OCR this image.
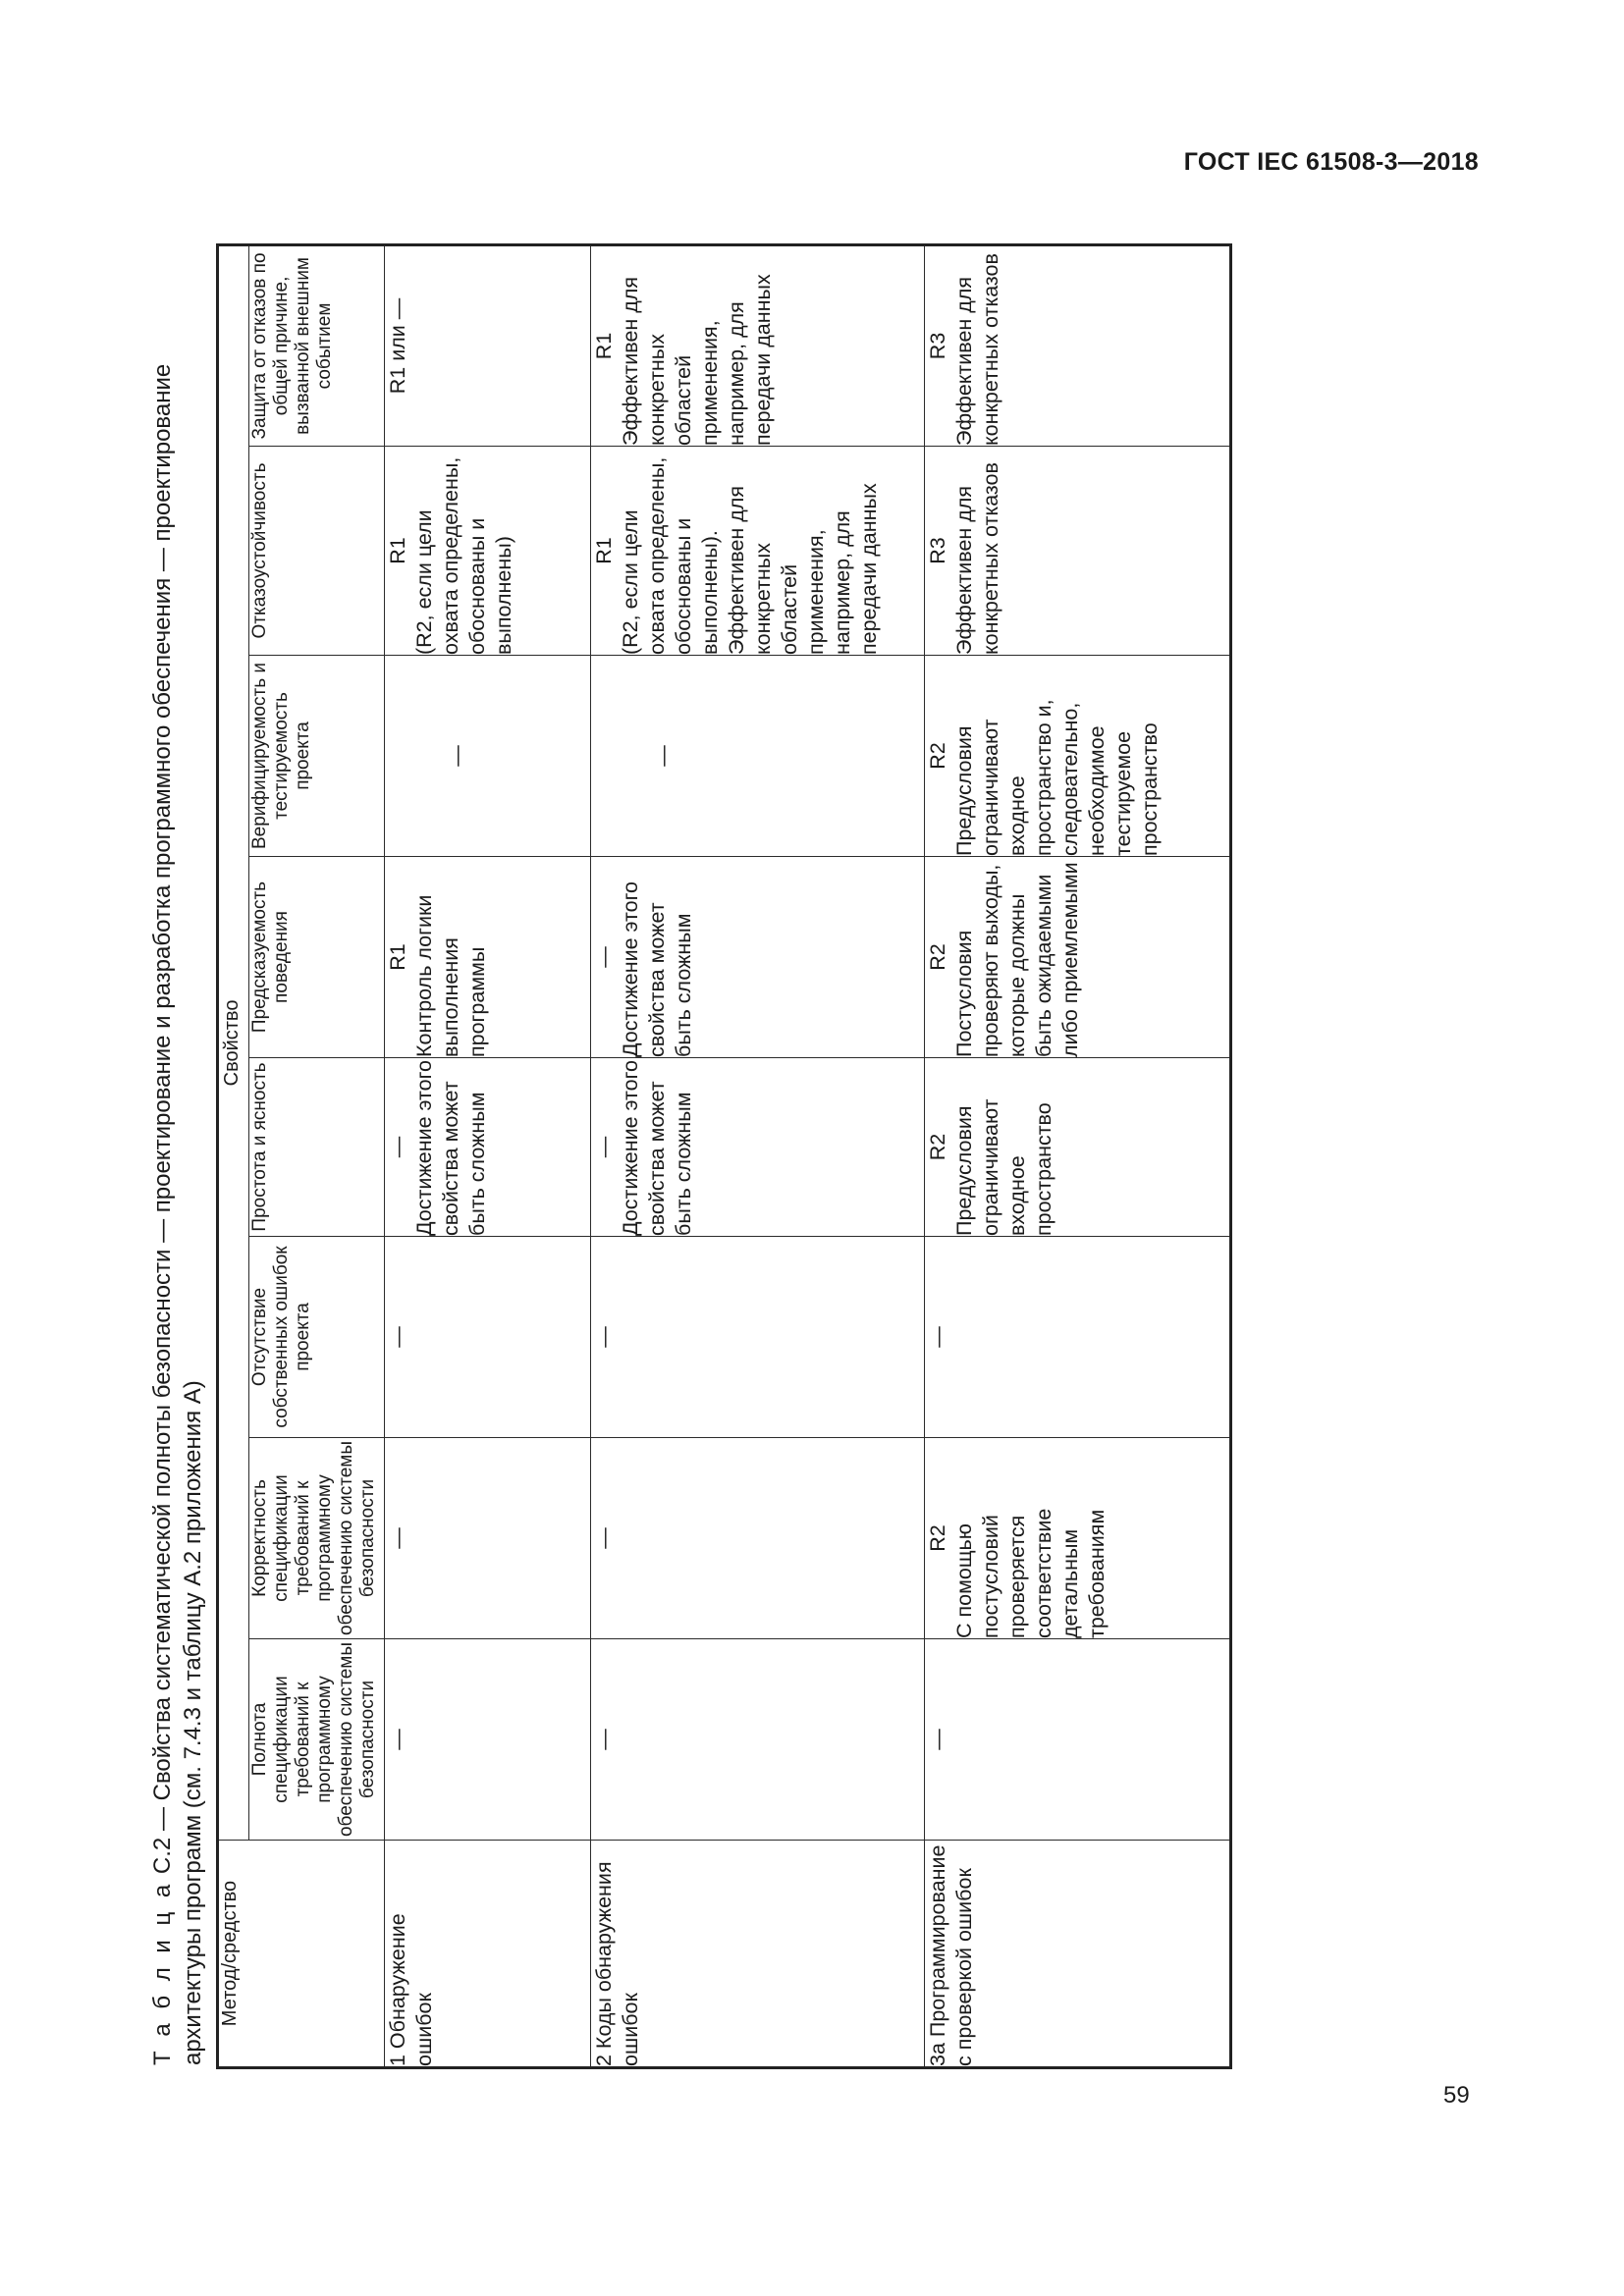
ГОСТ IEC 61508-3—2018
Т а б л и ц а С.2 — Свойства систематической полноты безопасности — проектирование и разработка программного обеспечения — проектирование архитектуры программ (см. 7.4.3 и таблицу А.2 приложения А) Метод/средство	Свойство							
	Полнота спецификации требований к программному обеспечению системы безопасности	Корректность спецификации требований к программному обеспечению системы безопасности	Отсутствие собственных ошибок проекта	Простота и ясность	Предсказуемость поведения	Верифицируемость и тестируемость проекта	Отказоустойчивость	Защита от отказов по общей причине, вызванной внешним событием
1 Обнаружение ошибок	—	—	—	— Достижение этого свойства может быть сложным	R1 Контроль логики выполнения программы	—	R1 (R2, если цели охвата определены, обоснованы и выполнены)	R1 или —

2 Коды обнаружения ошибок	—	—	—	— Достижение этого свойства может быть сложным	— Достижение этого свойства может быть сложным	—	R1 (R2, если цели охвата определены, обоснованы и выполнены). Эффективен для конкретных областей применения, например, для передачи данных	R1 Эффективен для конкретных областей применения, например, для передачи данных
3a Программирование с проверкой ошибок	—	R2 С помощью постусловий проверяется соответствие детальным требованиям	—	R2 Предусловия ограничивают входное пространство	R2 Постусловия проверяют выходы, которые должны быть ожидаемыми либо приемлемыми	R2 Предусловия ограничивают входное пространство и, следовательно, необходимое тестируемое пространство	R3 Эффективен для конкретных отказов	R3 Эффективен для конкретных отказов
59
